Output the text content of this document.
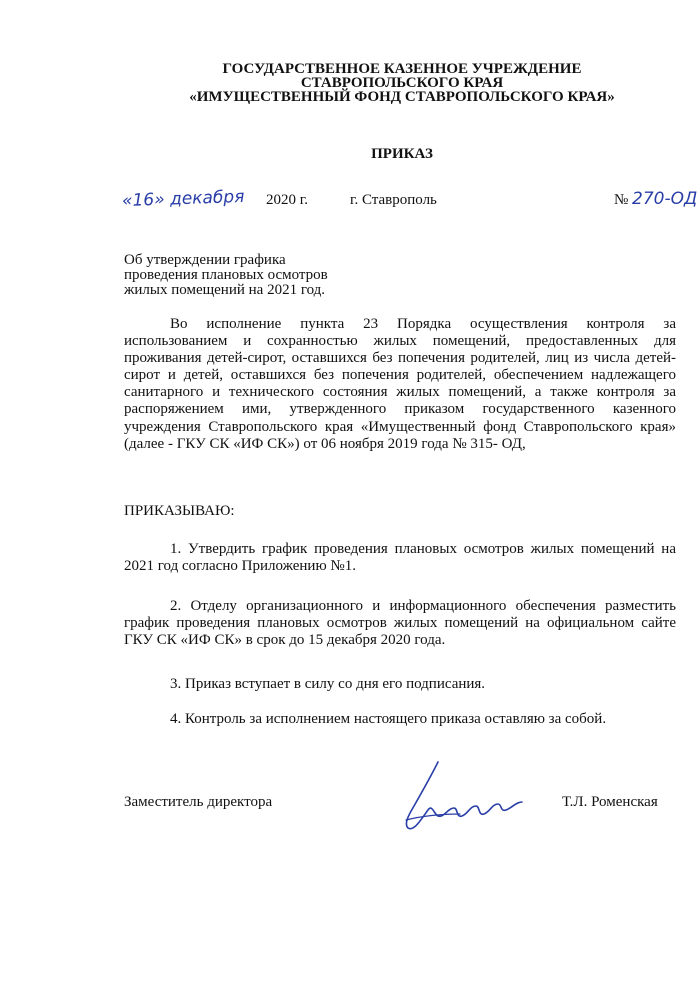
ГОСУДАРСТВЕННОЕ КАЗЕННОЕ УЧРЕЖДЕНИЕ
СТАВРОПОЛЬСКОГО КРАЯ
«ИМУЩЕСТВЕННЫЙ ФОНД СТАВРОПОЛЬСКОГО КРАЯ»
ПРИКАЗ
«16» декабря 2020 г.	г. Ставрополь	№ 270-ОД
Об утверждении графика
проведения плановых осмотров
жилых помещений на 2021 год.
Во исполнение пункта 23 Порядка осуществления контроля за использованием и сохранностью жилых помещений, предоставленных для проживания детей-сирот, оставшихся без попечения родителей, лиц из числа детей-сирот и детей, оставшихся без попечения родителей, обеспечением надлежащего санитарного и технического состояния жилых помещений, а также контроля за распоряжением ими, утвержденного приказом государственного казенного учреждения Ставропольского края «Имущественный фонд Ставропольского края» (далее - ГКУ СК «ИФ СК») от 06 ноября 2019 года № 315- ОД,
ПРИКАЗЫВАЮ:
1. Утвердить график проведения плановых осмотров жилых помещений на 2021 год согласно Приложению №1.
2. Отделу организационного и информационного обеспечения разместить график проведения плановых осмотров жилых помещений на официальном сайте ГКУ СК «ИФ СК» в срок до 15 декабря 2020 года.
3. Приказ вступает в силу со дня его подписания.
4. Контроль за исполнением настоящего приказа оставляю за собой.
Заместитель директора	Т.Л. Роменская
